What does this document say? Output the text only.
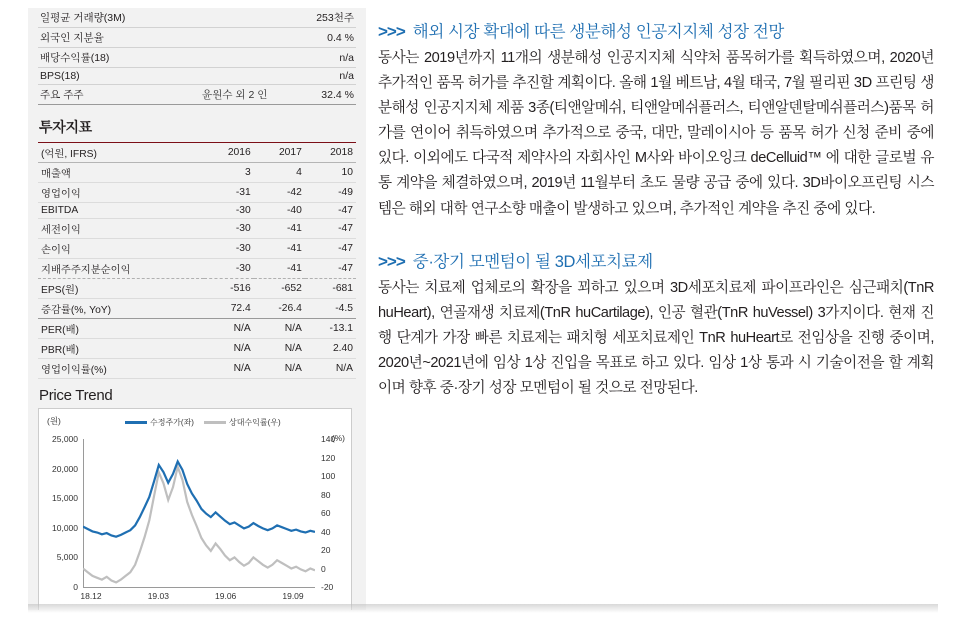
일평균 거래량(3M)		253천주
외국인 지분율		0.4 %
배당수익률(18)		n/a
BPS(18)		n/a
주요 주주	윤원수 외 2 인	32.4 %
투자지표
(억원, IFRS)	2016	2017	2018
매출액	3	4	10
영업이익	-31	-42	-49
EBITDA	-30	-40	-47
세전이익	-30	-41	-47
손이익	-30	-41	-47
지배주주지분순이익	-30	-41	-47
EPS(원)	-516	-652	-681
증감률(%, YoY)	72.4	-26.4	-4.5
PER(배)	N/A	N/A	-13.1
PBR(배)	N/A	N/A	2.40
영업이익률(%)	N/A	N/A	N/A
Price Trend
(원)
(%)
수정주가(좌)	상대수익률(우)
0
5,000
10,000
15,000
20,000
25,000
-20
0
20
40
60
80
100
120
140
18.12	19.03	19.06	19.09
>>> 해외 시장 확대에 따른 생분해성 인공지지체 성장 전망

동사는 2019년까지 11개의 생분해성 인공지지체 식약처 품목허가를 획득하였으며, 2020년 추가적인 품목 허가를 추진할 계획이다. 올해 1월 베트남, 4월 태국, 7월 필리핀 3D 프린팅 생분해성 인공지지체 제품 3종(티앤알메쉬, 티앤알메쉬플러스, 티앤알덴탈메쉬플러스)품목 허가를 연이어 취득하였으며 추가적으로 중국, 대만, 말레이시아 등 품목 허가 신청 준비 중에 있다. 이외에도 다국적 제약사의 자회사인 M사와 바이오잉크 deCelluid™ 에 대한 글로벌 유통 계약을 체결하였으며, 2019년 11월부터 초도 물량 공급 중에 있다. 3D바이오프린팅 시스템은 해외 대학 연구소향 매출이 발생하고 있으며, 추가적인 계약을 추진 중에 있다.

>>> 중·장기 모멘텀이 될 3D세포치료제

동사는 치료제 업체로의 확장을 꾀하고 있으며 3D세포치료제 파이프라인은 심근패치(TnR huHeart), 연골재생 치료제(TnR huCartilage), 인공 혈관(TnR huVessel) 3가지이다. 현재 진행 단계가 가장 빠른 치료제는 패치형 세포치료제인 TnR huHeart로 전임상을 진행 중이며, 2020년~2021년에 임상 1상 진입을 목표로 하고 있다. 임상 1상 통과 시 기술이전을 할 계획이며 향후 중·장기 성장 모멘텀이 될 것으로 전망된다.
